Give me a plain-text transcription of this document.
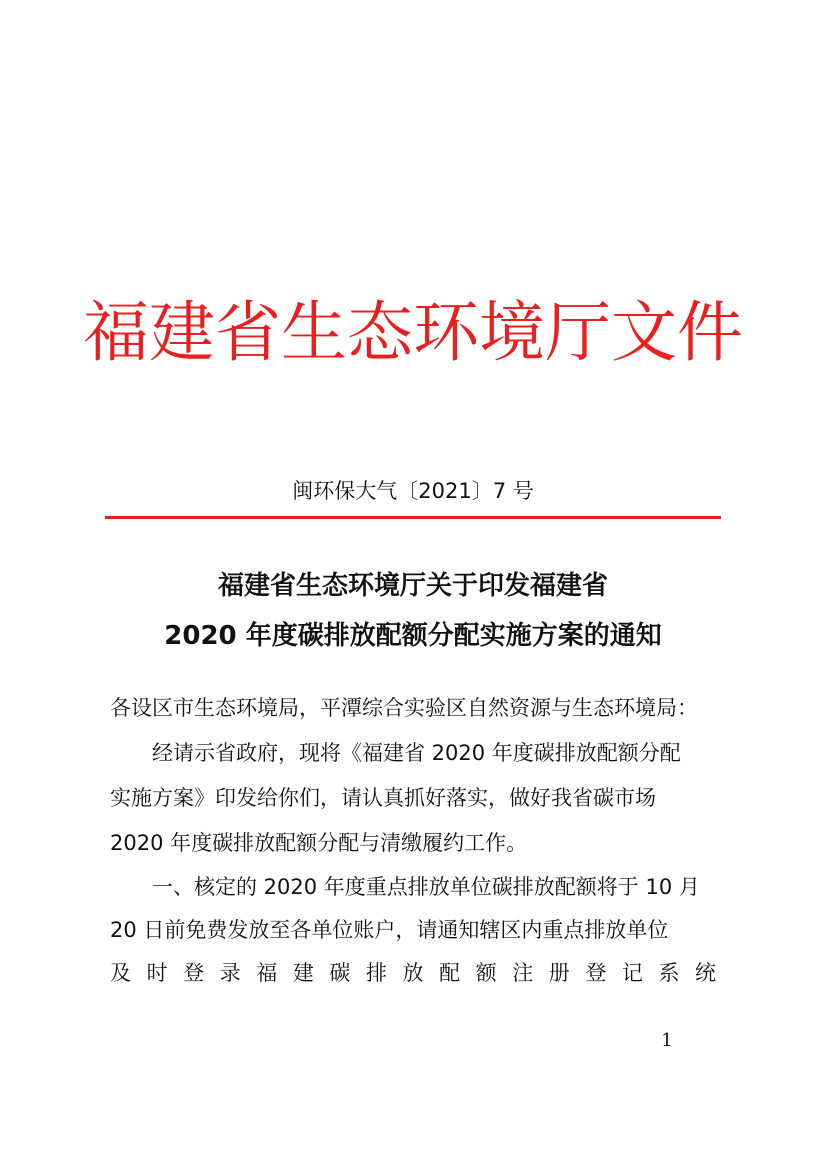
福建省生态环境厅文件
闽环保大气〔2021〕7 号
福建省生态环境厅关于印发福建省
2020 年度碳排放配额分配实施方案的通知
各设区市生态环境局，平潭综合实验区自然资源与生态环境局：
经请示省政府，现将《福建省 2020 年度碳排放配额分配
实施方案》印发给你们，请认真抓好落实，做好我省碳市场
2020 年度碳排放配额分配与清缴履约工作。
一、核定的 2020 年度重点排放单位碳排放配额将于 10 月
20 日前免费发放至各单位账户，请通知辖区内重点排放单位
及 时 登 录 福 建 碳 排 放 配 额 注 册 登 记 系 统
1
